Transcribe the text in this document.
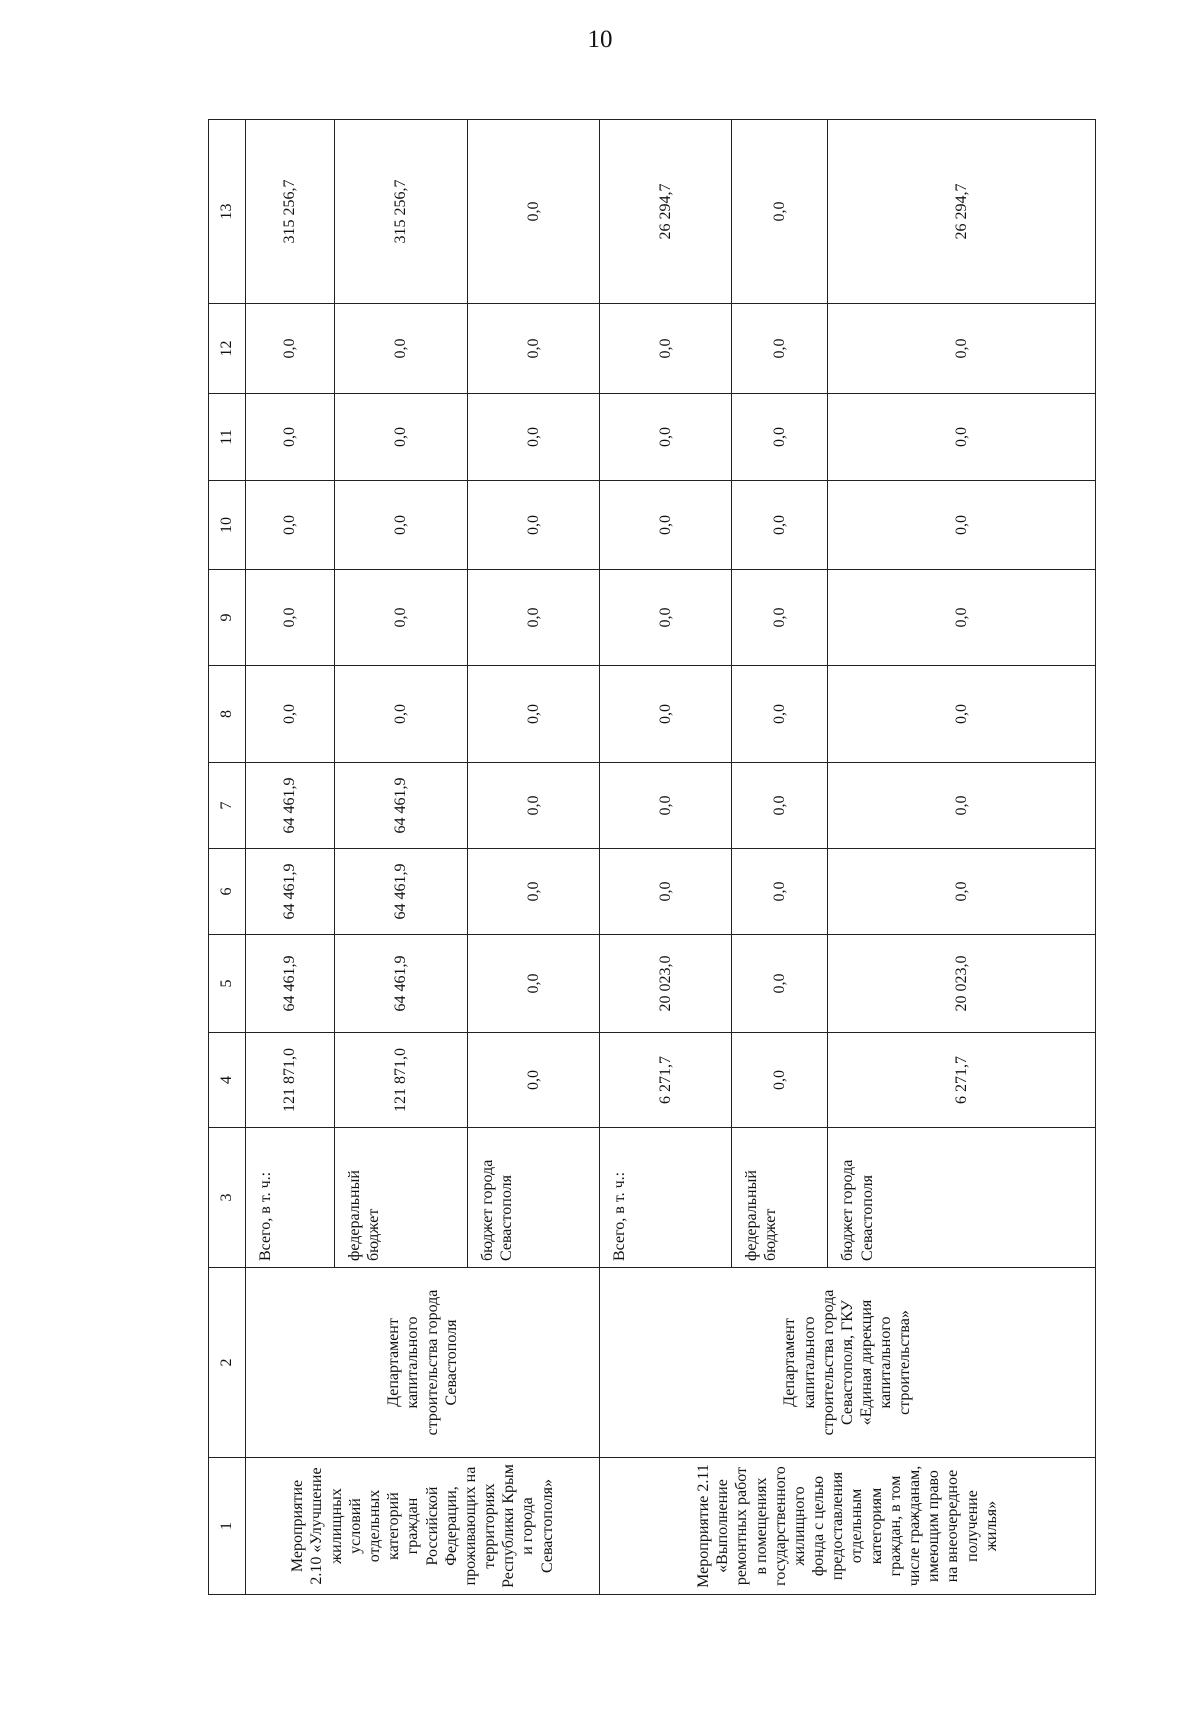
10
1	2	3	4	5	6	7	8	9	10	11	12	13
Мероприятие 2.10 «Улучшение жилищных условий отдельных категорий граждан Российской Федерации, проживающих на территориях Республики Крым и города Севастополя»	Департамент капитального строительства города Севастополя	Всего, в т. ч.:	121 871,0	64 461,9	64 461,9	64 461,9	0,0	0,0	0,0	0,0	0,0	315 256,7
		федеральный бюджет	121 871,0	64 461,9	64 461,9	64 461,9	0,0	0,0	0,0	0,0	0,0	315 256,7
		бюджет города Севастополя	0,0	0,0	0,0	0,0	0,0	0,0	0,0	0,0	0,0	0,0
Мероприятие 2.11 «Выполнение ремонтных работ в помещениях государственного жилищного фонда с целью предоставления отдельным категориям граждан, в том числе гражданам, имеющим право на внеочередное получение жилья»	Департамент капитального строительства города Севастополя, ГКУ «Единая дирекция капитального строительства»	Всего, в т. ч.:	6 271,7	20 023,0	0,0	0,0	0,0	0,0	0,0	0,0	0,0	26 294,7
		федеральный бюджет	0,0	0,0	0,0	0,0	0,0	0,0	0,0	0,0	0,0	0,0
		бюджет города Севастополя	6 271,7	20 023,0	0,0	0,0	0,0	0,0	0,0	0,0	0,0	26 294,7
